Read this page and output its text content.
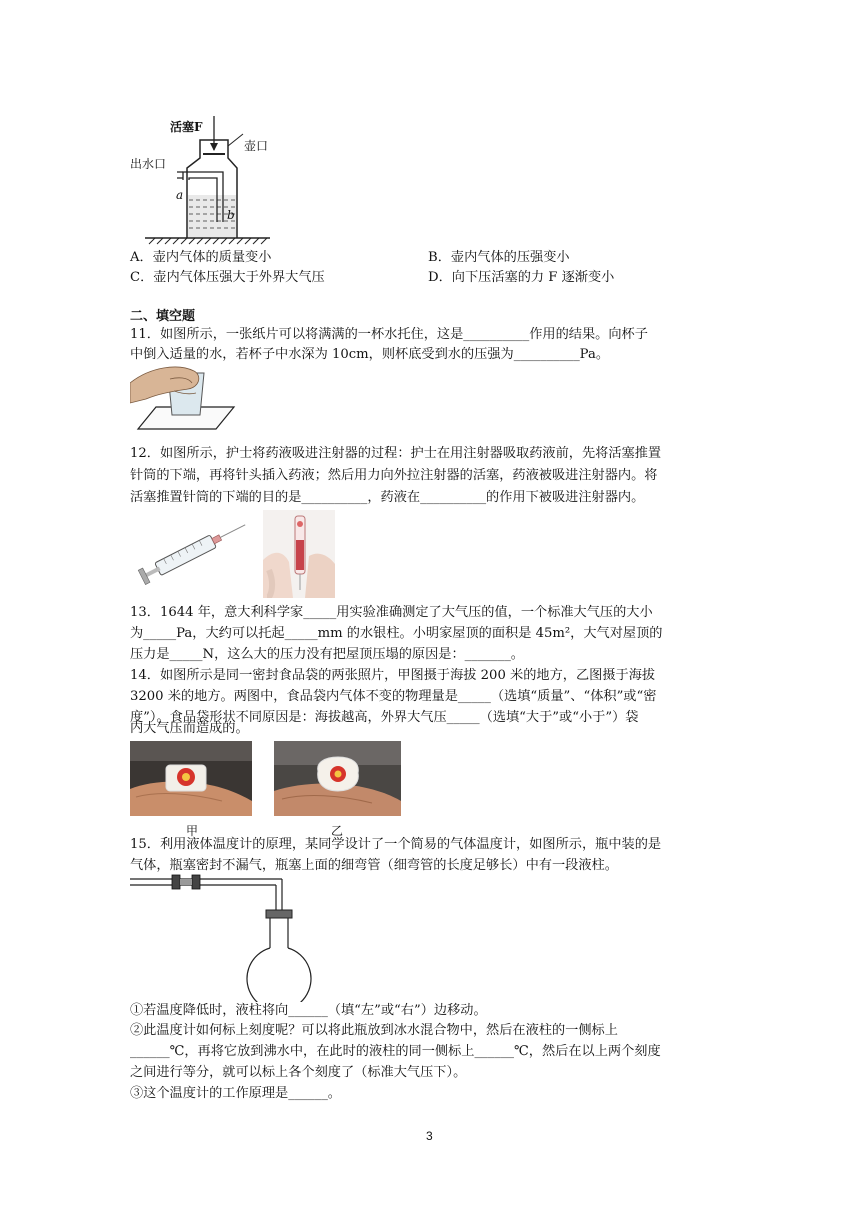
活塞F
壶口
出水口
a
b
A．壶内气体的质量变小	B．壶内气体的压强变小
C．壶内气体压强大于外界大气压	D．向下压活塞的力 F 逐渐变小
二、填空题
11．如图所示，一张纸片可以将满满的一杯水托住，这是__________作用的结果。向杯子
中倒入适量的水，若杯子中水深为 10cm，则杯底受到水的压强为__________Pa。
12．如图所示，护士将药液吸进注射器的过程：护士在用注射器吸取药液前，先将活塞推置
针筒的下端，再将针头插入药液；然后用力向外拉注射器的活塞，药液被吸进注射器内。将
活塞推置针筒的下端的目的是__________，药液在__________的作用下被吸进注射器内。
13．1644 年，意大利科学家_____用实验准确测定了大气压的值，一个标准大气压的大小
为_____Pa，大约可以托起_____mm 的水银柱。小明家屋顶的面积是 45m²，大气对屋顶的
压力是_____N，这么大的压力没有把屋顶压塌的原因是：_______。
14．如图所示是同一密封食品袋的两张照片，甲图摄于海拔 200 米的地方，乙图摄于海拔
3200 米的地方。两图中，食品袋内气体不变的物理量是_____（选填“质量”、“体积”或“密
度”）。食品袋形状不同原因是：海拔越高，外界大气压_____（选填“大于”或“小于”）袋
内大气压而造成的。
甲	乙
15．利用液体温度计的原理，某同学设计了一个简易的气体温度计，如图所示，瓶中装的是
气体，瓶塞密封不漏气，瓶塞上面的细弯管（细弯管的长度足够长）中有一段液柱。
①若温度降低时，液柱将向______（填“左”或“右”）边移动。
②此温度计如何标上刻度呢？可以将此瓶放到冰水混合物中，然后在液柱的一侧标上
______℃，再将它放到沸水中，在此时的液柱的同一侧标上______℃，然后在以上两个刻度
之间进行等分，就可以标上各个刻度了（标准大气压下）。
③这个温度计的工作原理是______。
3
